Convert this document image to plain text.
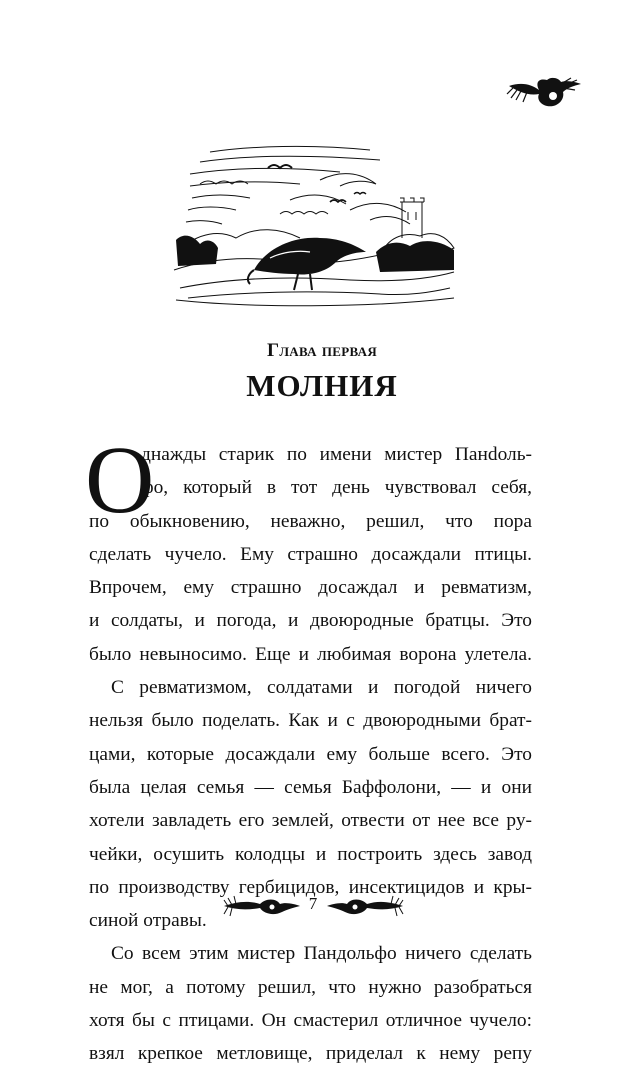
Глава первая
МОЛНИЯ
О
днажды старик по имени мистер Панdоль-
фо, который в тот день чувствовал себя,
по обыкновению, неважно, решил, что пора
сделать чучело. Ему страшно досаждали птицы.
Впрочем, ему страшно досаждал и ревматизм,
и солдаты, и погода, и двоюродные братцы. Это
было невыносимо. Еще и любимая ворона улетела.
С ревматизмом, солдатами и погодой ничего
нельзя было поделать. Как и с двоюродными брат-
цами, которые досаждали ему больше всего. Это
была целая семья — семья Баффолони, — и они
хотели завладеть его землей, отвести от нее все ру-
чейки, осушить колодцы и построить здесь завод
по производству гербицидов, инсектицидов и кры-
синой отравы.
Со всем этим мистер Пандольфо ничего сделать
не мог, а потому решил, что нужно разобраться
хотя бы с птицами. Он смастерил отличное чучело:
взял крепкое метловище, приделал к нему репу
7
